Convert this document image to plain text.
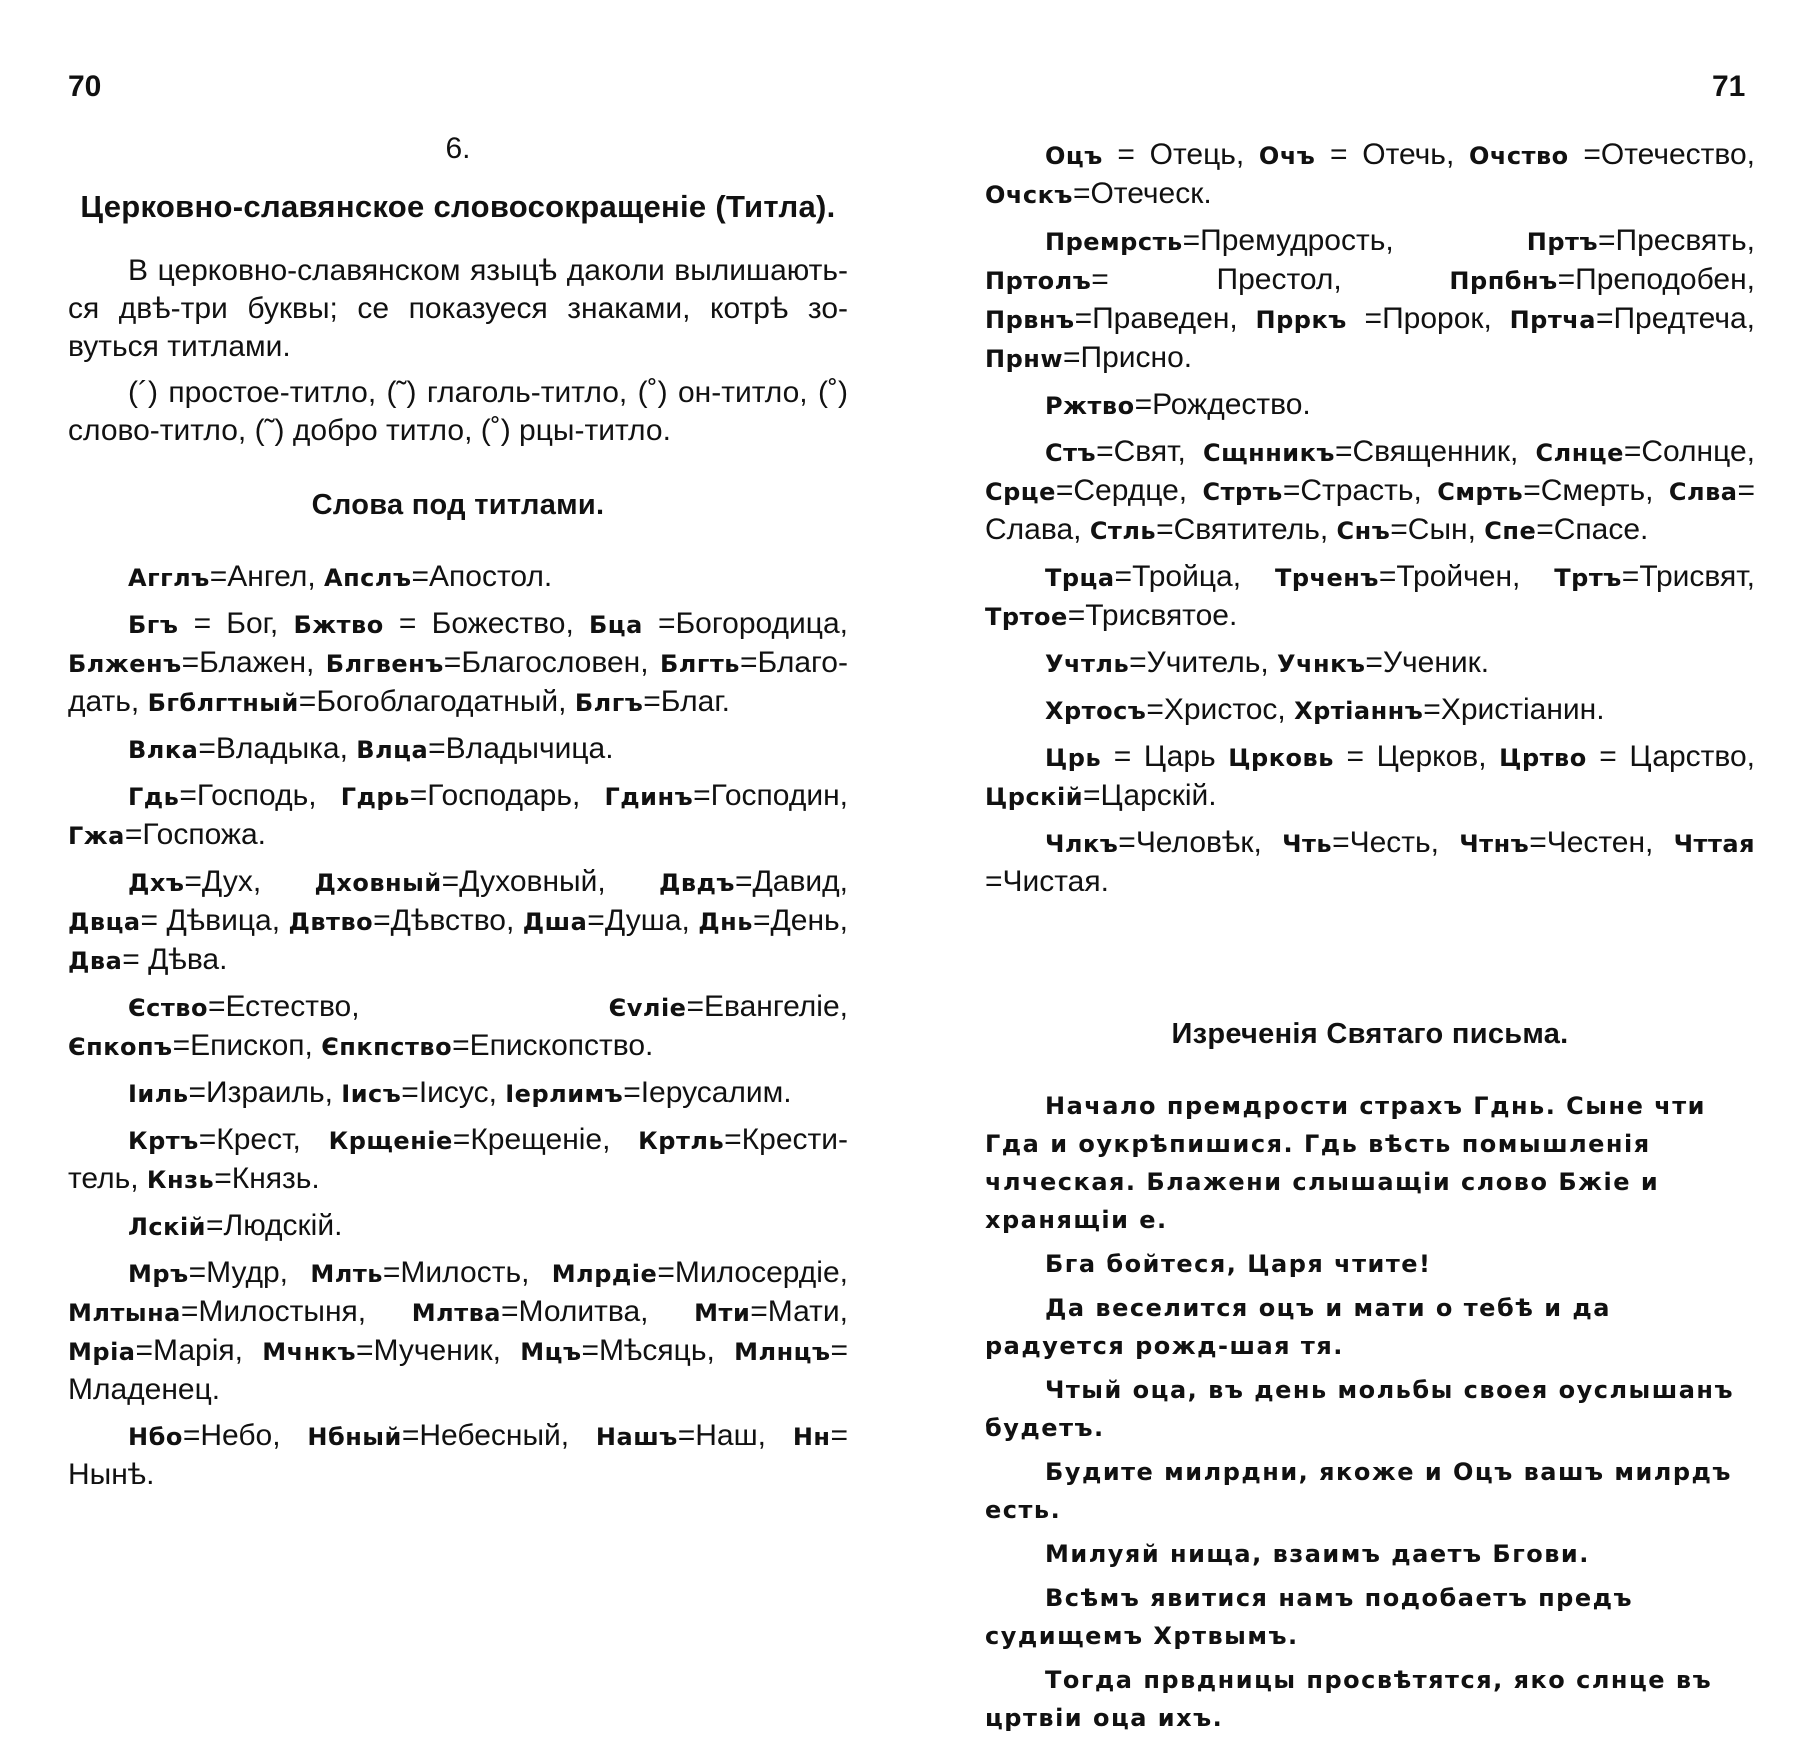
70	71
6.
Церковно-славянское словосокращеніе (Титла).

В церковно-славянском языцѣ даколи вылишають-ся двѣ-три буквы; се показуеся знаками, котрѣ зо-вуться титлами.

(´) простое-титло, (˜) глаголь-титло, (˚) он-титло, (˚) слово-титло, (˜) добро титло, (˚) рцы-титло.

Слова под титлами.

Агглъ=Ангел, Апслъ=Апостол.

Бгъ = Бог, Бжтво = Божество, Бца =Богородица, Блженъ=Блажен, Блгвенъ=Благословен, Блгть=Благо-дать, Бгблгтный=Богоблагодатный, Блгъ=Благ.

Влка=Владыка, Влца=Владычица.

Гдь=Господь, Гдрь=Господарь, Гдинъ=Господин, Гжа=Госпожа.

Дхъ=Дух, Дховный=Духовный, Двдъ=Давид, Двца= Дѣвица, Двтво=Дѣвство, Дша=Душа, Днь=День, Два= Дѣва.

Єство=Естество, Єvліе=Евангеліе, Єпкопъ=Епископ, Єпкпство=Епископство.

Іиль=Израиль, Іисъ=Іисус, Іерлимъ=Іерусалим.

Кртъ=Крест, Крщеніе=Крещеніе, Кртль=Крести-тель, Кнзь=Князь.

Лскій=Людскій.

Мръ=Мудр, Млть=Милость, Млрдіе=Милосердіе, Млтына=Милостыня, Млтва=Молитва, Мти=Мати, Мріа=Марія, Мчнкъ=Мученик, Мцъ=Мѣсяць, Млнцъ= Младенец.

Нбо=Небо, Нбный=Небесный, Нашъ=Наш, Нн= Нынѣ.

Оцъ = Отець, Очъ = Отечь, Очство =Отечество, Очскъ=Отеческ.

Премрсть=Премудрость, Пртъ=Пресвять, Пртолъ= Престол, Прпбнъ=Преподобен, Првнъ=Праведен, Прркъ =Пророк, Пртча=Предтеча, Прнw=Присно.

Ржтво=Рождество.

Стъ=Свят, Сщнникъ=Священник, Слнце=Солнце, Срце=Сердце, Стрть=Страсть, Смрть=Смерть, Слва= Слава, Стль=Святитель, Снъ=Сын, Спе=Спасе.

Трца=Тройца, Трченъ=Тройчен, Тртъ=Трисвят, Тртое=Трисвятое.

Учтль=Учитель, Учнкъ=Ученик.

Хртосъ=Христос, Хртіаннъ=Христіанин.

Црь = Царь Црковь = Церков, Цртво = Царство, Црскій=Царскій.

Члкъ=Человѣк, Чть=Честь, Чтнъ=Честен, Чттая =Чистая.

Изреченія Святаго письма.

Начало премдрости страхъ Гднь. Сыне чти Гда и оукрѣпишися. Гдь вѣсть помышленія члческая. Блажени слышащіи слово Бжіе и хранящіи е.

Бга бойтеся, Царя чтите!

Да веселится оцъ и мати о тебѣ и да радуется рожд-шая тя.

Чтый оца, въ день мольбы своея оуслышанъ будетъ.

Будите милрдни, якоже и Оцъ вашъ милрдъ есть.

Милуяй нища, взаимъ даетъ Бгови.

Всѣмъ явитися намъ подобаетъ предъ судищемъ Хртвымъ.

Тогда првдницы просвѣтятся, яко слнце въ цртвіи оца ихъ.
